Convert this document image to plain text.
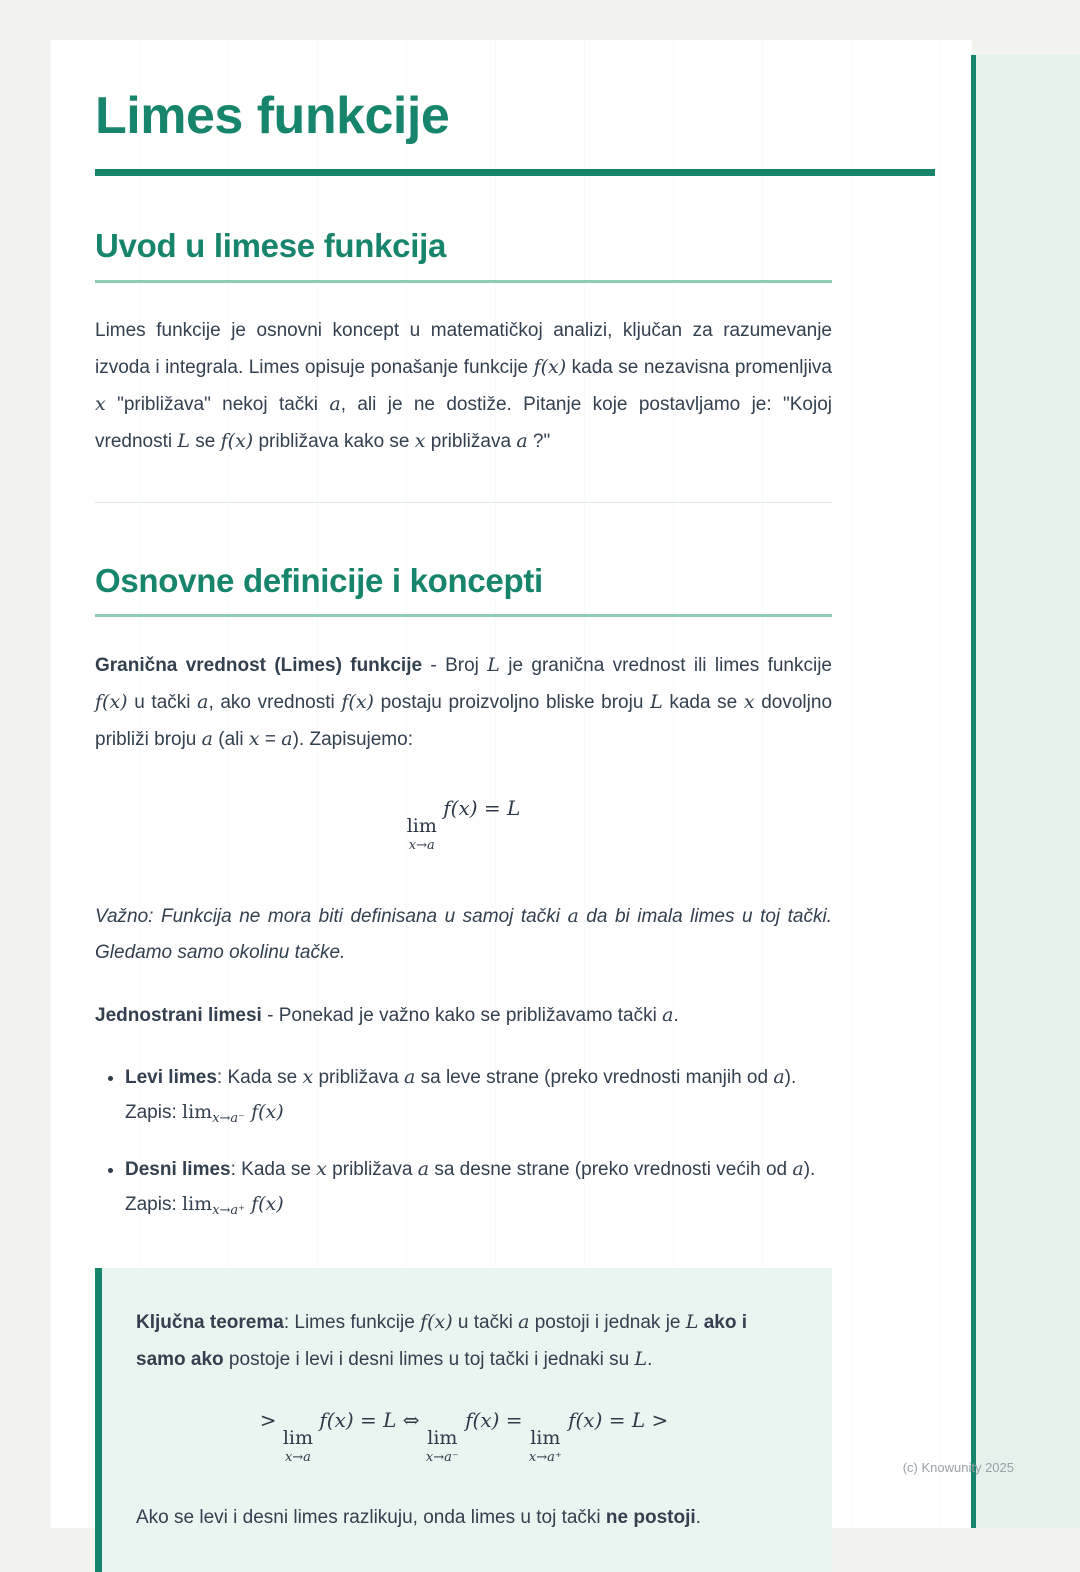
Limes funkcije
Uvod u limese funkcija

Limes funkcije je osnovni koncept u matematičkoj analizi, ključan za razumevanje izvoda i integrala. Limes opisuje ponašanje funkcije f(x) kada se nezavisna promenljiva x "približava" nekoj tački a, ali je ne dostiže. Pitanje koje postavljamo je: "Kojoj vrednosti L se f(x) približava kako se x približava a ?"

Osnovne definicije i koncepti

Granična vrednost (Limes) funkcije - Broj L je granična vrednost ili limes funkcije f(x) u tački a, ako vrednosti f(x) postaju proizvoljno bliske broju L kada se x dovoljno približi broju a (ali x = a). Zapisujemo:

lim
x→a
f(x) = L

Važno: Funkcija ne mora biti definisana u samoj tački a da bi imala limes u toj tački. Gledamo samo okolinu tačke.

Jednostrani limesi - Ponekad je važno kako se približavamo tački a.

• Levi limes: Kada se x približava a sa leve strane (preko vrednosti manjih od a). Zapis: $\lim_{x\to a^-} f(x)$
• Desni limes: Kada se x približava a sa desne strane (preko vrednosti većih od a). Zapis: $\lim_{x\to a^+} f(x)$

Ključna teorema: Limes funkcije f(x) u tački a postoji i jednak je L ako i samo ako postoje i levi i desni limes u toj tački i jednaki su L.

>
lim
x→a
f(x) = L ⇔
lim
x→a⁻
f(x) =
lim
x→a⁺
f(x) = L >

Ako se levi i desni limes razlikuju, onda limes u toj tački ne postoji.

(c) Knowunity 2025
